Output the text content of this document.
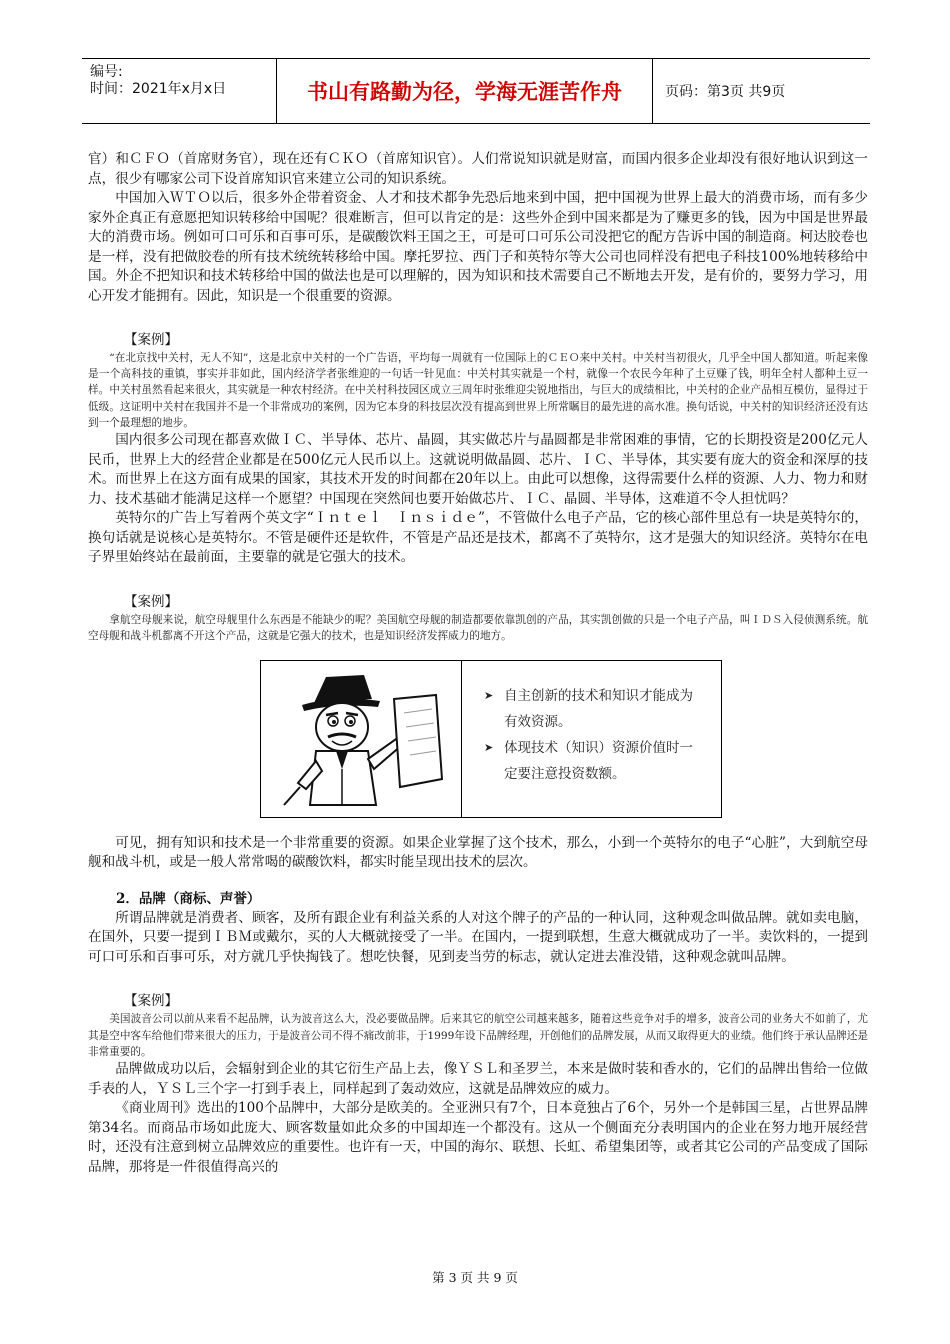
编号:
时间：2021年x月x日	书山有路勤为径，学海无涯苦作舟	页码：第3页 共9页

官）和ＣＦＯ（首席财务官），现在还有ＣＫＯ（首席知识官）。人们常说知识就是财富，而国内很多企业却没有很好地认识到这一点，很少有哪家公司下设首席知识官来建立公司的知识系统。

中国加入ＷＴＯ以后，很多外企带着资金、人才和技术都争先恐后地来到中国，把中国视为世界上最大的消费市场，而有多少家外企真正有意愿把知识转移给中国呢？很难断言，但可以肯定的是：这些外企到中国来都是为了赚更多的钱，因为中国是世界最大的消费市场。例如可口可乐和百事可乐，是碳酸饮料王国之王，可是可口可乐公司没把它的配方告诉中国的制造商。柯达胶卷也是一样，没有把做胶卷的所有技术统统转移给中国。摩托罗拉、西门子和英特尔等大公司也同样没有把电子科技100%地转移给中国。外企不把知识和技术转移给中国的做法也是可以理解的，因为知识和技术需要自己不断地去开发，是有价的，要努力学习，用心开发才能拥有。因此，知识是一个很重要的资源。

【案例】

“在北京找中关村，无人不知”，这是北京中关村的一个广告语，平均每一周就有一位国际上的ＣＥＯ来中关村。中关村当初很火，几乎全中国人都知道。听起来像是一个高科技的重镇，事实并非如此，国内经济学者张维迎的一句话一针见血：中关村其实就是一个村，就像一个农民今年种了土豆赚了钱，明年全村人都种土豆一样。中关村虽然看起来很火，其实就是一种农村经济。在中关村科技园区成立三周年时张维迎尖锐地指出，与巨大的成绩相比，中关村的企业产品相互模仿，显得过于低级。这证明中关村在我国并不是一个非常成功的案例，因为它本身的科技层次没有提高到世界上所常瞩目的最先进的高水准。换句话说，中关村的知识经济还没有达到一个最理想的地步。

国内很多公司现在都喜欢做ＩＣ、半导体、芯片、晶圆，其实做芯片与晶圆都是非常困难的事情，它的长期投资是200亿元人民币，世界上大的经营企业都是在500亿元人民币以上。这就说明做晶圆、芯片、ＩＣ、半导体，其实要有庞大的资金和深厚的技术。而世界上在这方面有成果的国家，其技术开发的时间都在20年以上。由此可以想像，这得需要什么样的资源、人力、物力和财力、技术基础才能满足这样一个愿望？中国现在突然间也要开始做芯片、ＩＣ、晶圆、半导体，这难道不令人担忧吗？

英特尔的广告上写着两个英文字“Ｉｎｔｅｌ　Ｉｎｓｉｄｅ”，不管做什么电子产品，它的核心部件里总有一块是英特尔的，换句话就是说核心是英特尔。不管是硬件还是软件，不管是产品还是技术，都离不了英特尔，这才是强大的知识经济。英特尔在电子界里始终站在最前面，主要靠的就是它强大的技术。

【案例】

拿航空母舰来说，航空母舰里什么东西是不能缺少的呢？美国航空母舰的制造都要依靠凯创的产品，其实凯创做的只是一个电子产品，叫ＩＤＳ入侵侦测系统。航空母舰和战斗机都离不开这个产品，这就是它强大的技术，也是知识经济发挥威力的地方。

➤ 自主创新的技术和知识才能成为有效资源。
➤ 体现技术（知识）资源价值时一定要注意投资数额。

可见，拥有知识和技术是一个非常重要的资源。如果企业掌握了这个技术，那么，小到一个英特尔的电子“心脏”，大到航空母舰和战斗机，或是一般人常常喝的碳酸饮料，都实时能呈现出技术的层次。

2．品牌（商标、声誉）

所谓品牌就是消费者、顾客，及所有跟企业有利益关系的人对这个牌子的产品的一种认同，这种观念叫做品牌。就如卖电脑，在国外，只要一提到ＩＢＭ或戴尔，买的人大概就接受了一半。在国内，一提到联想，生意大概就成功了一半。卖饮料的，一提到可口可乐和百事可乐，对方就几乎快掏钱了。想吃快餐，见到麦当劳的标志，就认定进去准没错，这种观念就叫品牌。

【案例】

美国波音公司以前从来看不起品牌，认为波音这么大，没必要做品牌。后来其它的航空公司越来越多，随着这些竞争对手的增多，波音公司的业务大不如前了，尤其是空中客车给他们带来很大的压力，于是波音公司不得不痛改前非，于1999年设下品牌经理，开创他们的品牌发展，从而又取得更大的业绩。他们终于承认品牌还是非常重要的。

品牌做成功以后，会辐射到企业的其它衍生产品上去，像ＹＳＬ和圣罗兰，本来是做时装和香水的，它们的品牌出售给一位做手表的人，ＹＳＬ三个字一打到手表上，同样起到了轰动效应，这就是品牌效应的威力。

《商业周刊》选出的100个品牌中，大部分是欧美的。全亚洲只有7个，日本竟独占了6个，另外一个是韩国三星，占世界品牌第34名。而商品市场如此庞大、顾客数量如此众多的中国却连一个都没有。这从一个侧面充分表明国内的企业在努力地开展经营时，还没有注意到树立品牌效应的重要性。也许有一天，中国的海尔、联想、长虹、希望集团等，或者其它公司的产品变成了国际品牌，那将是一件很值得高兴的

第 3 页 共 9 页
